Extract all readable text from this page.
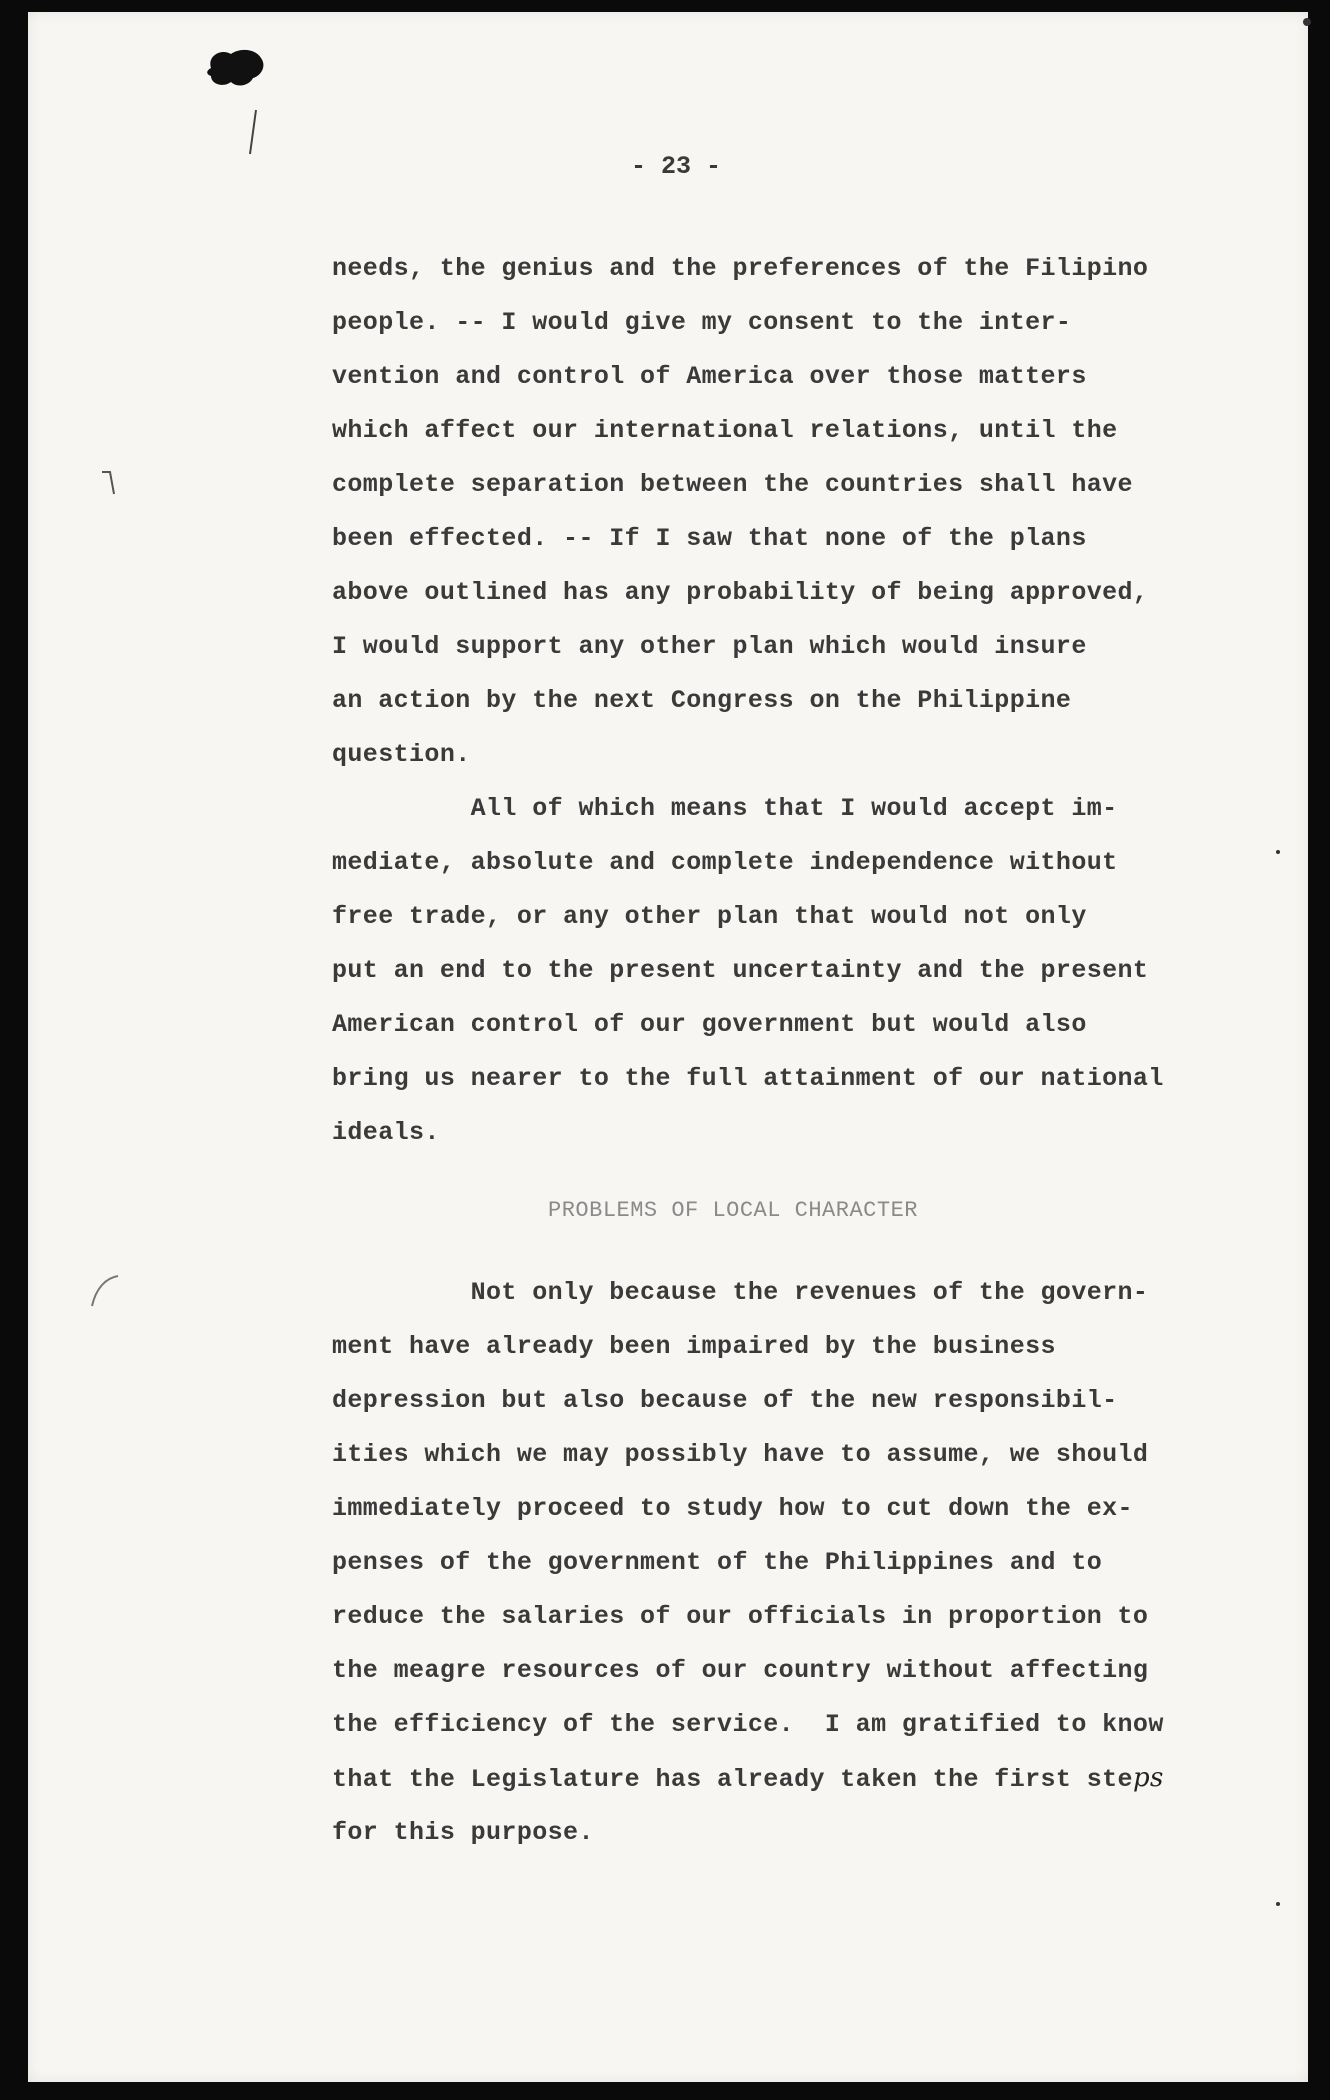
- 23 -
needs, the genius and the preferences of the Filipino
people. -- I would give my consent to the inter-
vention and control of America over those matters
which affect our international relations, until the
complete separation between the countries shall have
been effected. -- If I saw that none of the plans
above outlined has any probability of being approved,
I would support any other plan which would insure
an action by the next Congress on the Philippine
question.
All of which means that I would accept im-
mediate, absolute and complete independence without
free trade, or any other plan that would not only
put an end to the present uncertainty and the present
American control of our government but would also
bring us nearer to the full attainment of our national
ideals.
PROBLEMS OF LOCAL CHARACTER
Not only because the revenues of the govern-
ment have already been impaired by the business
depression but also because of the new responsibil-
ities which we may possibly have to assume, we should
immediately proceed to study how to cut down the ex-
penses of the government of the Philippines and to
reduce the salaries of our officials in proportion to
the meagre resources of our country without affecting
the efficiency of the service.  I am gratified to know
that the Legislature has already taken the first steps
for this purpose.
